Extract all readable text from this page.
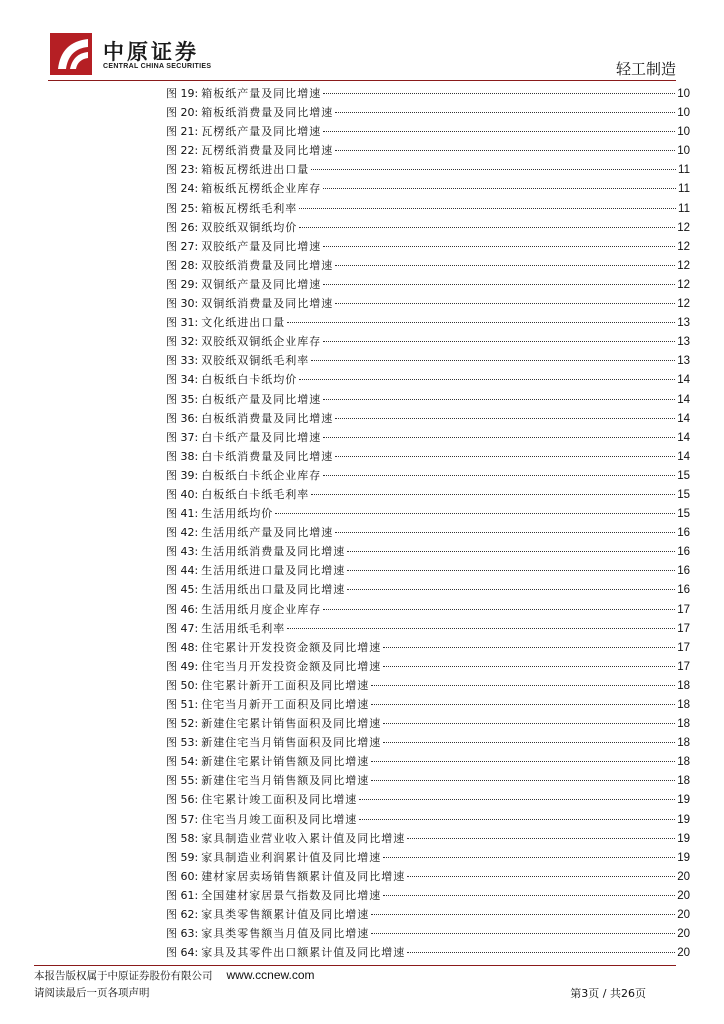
中原证券
CENTRAL CHINA SECURITIES	轻工制造
图 19: 箱板纸产量及同比增速	10
图 20: 箱板纸消费量及同比增速	10
图 21: 瓦楞纸产量及同比增速	10
图 22: 瓦楞纸消费量及同比增速	10
图 23: 箱板瓦楞纸进出口量	11
图 24: 箱板纸瓦楞纸企业库存	11
图 25: 箱板瓦楞纸毛利率	11
图 26: 双胶纸双铜纸均价	12
图 27: 双胶纸产量及同比增速	12
图 28: 双胶纸消费量及同比增速	12
图 29: 双铜纸产量及同比增速	12
图 30: 双铜纸消费量及同比增速	12
图 31: 文化纸进出口量	13
图 32: 双胶纸双铜纸企业库存	13
图 33: 双胶纸双铜纸毛利率	13
图 34: 白板纸白卡纸均价	14
图 35: 白板纸产量及同比增速	14
图 36: 白板纸消费量及同比增速	14
图 37: 白卡纸产量及同比增速	14
图 38: 白卡纸消费量及同比增速	14
图 39: 白板纸白卡纸企业库存	15
图 40: 白板纸白卡纸毛利率	15
图 41: 生活用纸均价	15
图 42: 生活用纸产量及同比增速	16
图 43: 生活用纸消费量及同比增速	16
图 44: 生活用纸进口量及同比增速	16
图 45: 生活用纸出口量及同比增速	16
图 46: 生活用纸月度企业库存	17
图 47: 生活用纸毛利率	17
图 48: 住宅累计开发投资金额及同比增速	17
图 49: 住宅当月开发投资金额及同比增速	17
图 50: 住宅累计新开工面积及同比增速	18
图 51: 住宅当月新开工面积及同比增速	18
图 52: 新建住宅累计销售面积及同比增速	18
图 53: 新建住宅当月销售面积及同比增速	18
图 54: 新建住宅累计销售额及同比增速	18
图 55: 新建住宅当月销售额及同比增速	18
图 56: 住宅累计竣工面积及同比增速	19
图 57: 住宅当月竣工面积及同比增速	19
图 58: 家具制造业营业收入累计值及同比增速	19
图 59: 家具制造业利润累计值及同比增速	19
图 60: 建材家居卖场销售额累计值及同比增速	20
图 61: 全国建材家居景气指数及同比增速	20
图 62: 家具类零售额累计值及同比增速	20
图 63: 家具类零售额当月值及同比增速	20
图 64: 家具及其零件出口额累计值及同比增速	20
本报告版权属于中原证券股份有限公司 www.ccnew.com
请阅读最后一页各项声明	第3页 / 共26页
